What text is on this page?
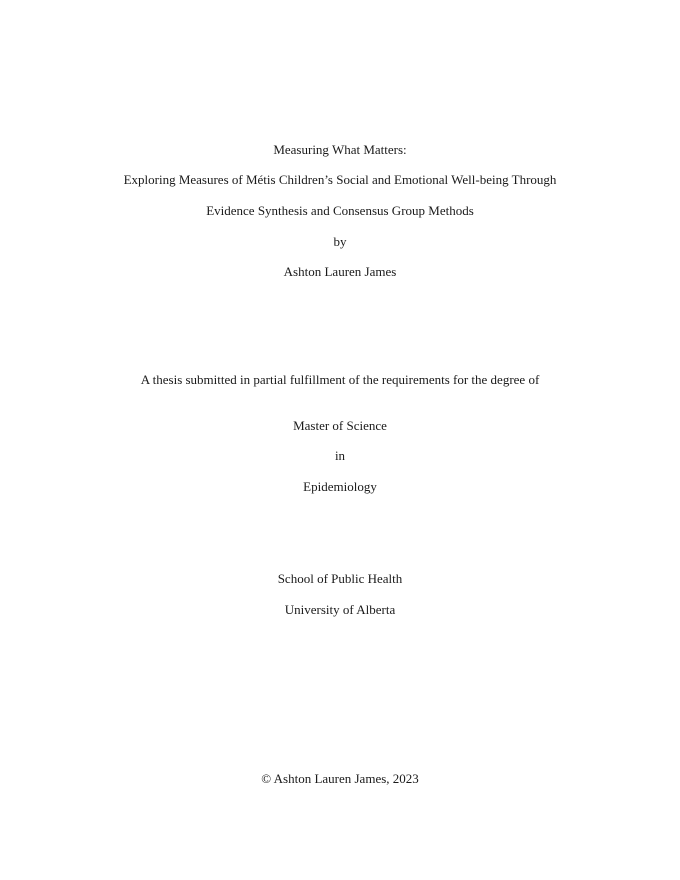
Measuring What Matters:
Exploring Measures of Métis Children’s Social and Emotional Well-being Through
Evidence Synthesis and Consensus Group Methods
by
Ashton Lauren James
A thesis submitted in partial fulfillment of the requirements for the degree of
Master of Science
in
Epidemiology
School of Public Health
University of Alberta
© Ashton Lauren James, 2023
